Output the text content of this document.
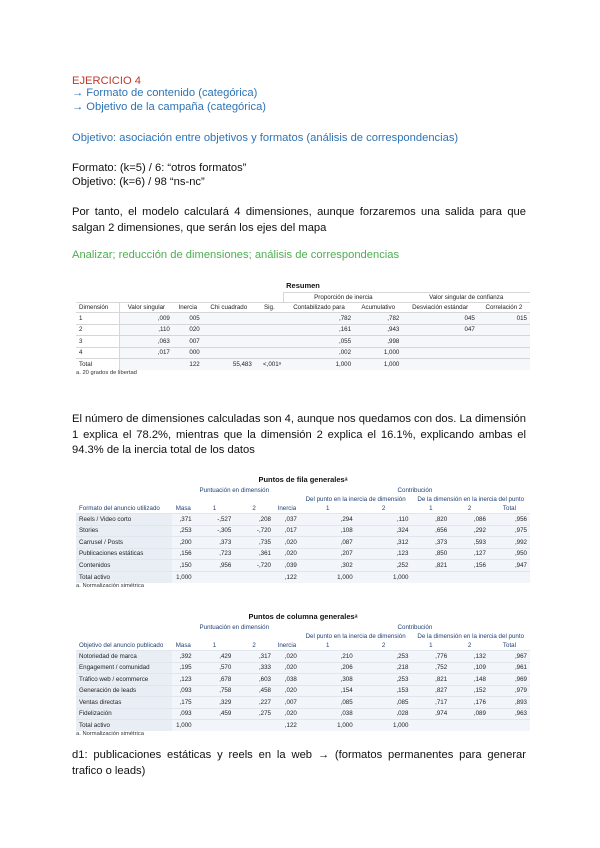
EJERCICIO 4
→ Formato de contenido (categórica)
→ Objetivo de la campaña (categórica)
Objetivo: asociación entre objetivos y formatos (análisis de correspondencias)
Formato: (k=5) / 6: “otros formatos”
Objetivo: (k=6) / 98 “ns-nc”
Por tanto, el modelo calculará 4 dimensiones, aunque forzaremos una salida para que salgan 2 dimensiones, que serán los ejes del mapa
Analizar; reducción de dimensiones; análisis de correspondencias
Resumen
					Proporción de inercia		Valor singular de confianza	
Dimensión	Valor singular	Inercia	Chi cuadrado	Sig.	Contabilizado para	Acumulativo	Desviación estándar	Correlación 2
1	,009	005			,782	,782	045	015
2	,110	020			,161	,943	047	
3	,063	007			,055	,998		
4	,017	000			,002	1,000		
Total		122	55,483	<,001ᵃ	1,000	1,000		
a. 20 grados de libertad
El número de dimensiones calculadas son 4, aunque nos quedamos con dos. La dimensión 1 explica el 78.2%, mientras que la dimensión 2 explica el 16.1%, explicando ambas el 94.3% de la inercia total de los datos
Puntos de fila generalesᵃ
		Puntuación en dimensión			Contribución				
					Del punto en la inercia de dimensión		De la dimensión en la inercia del punto		
Formato del anuncio utilizado	Masa	1	2	Inercia	1	2	1	2	Total
Reels / Video corto	,371	-,527	,208	,037	,294	,110	,820	,086	,956
Stories	,253	-,305	-,720	,017	,108	,324	,656	,292	,975
Carrusel / Posts	,200	,373	,735	,020	,087	,312	,373	,593	,992
Publicaciones estáticas	,156	,723	,361	,020	,207	,123	,850	,127	,950
Contenidos	,150	,956	-,720	,039	,302	,252	,821	,156	,947
Total activo	1,000			,122	1,000	1,000			
a. Normalización simétrica
Puntos de columna generalesᵃ
		Puntuación en dimensión			Contribución				
					Del punto en la inercia de dimensión		De la dimensión en la inercia del punto		
Objetivo del anuncio publicado	Masa	1	2	Inercia	1	2	1	2	Total
Notoriedad de marca	,392	,429	,317	,020	,210	,253	,776	,132	,967
Engagement / comunidad	,195	,570	,333	,020	,206	,218	,752	,109	,961
Tráfico web / ecommerce	,123	,678	,603	,038	,308	,253	,821	,148	,969
Generación de leads	,093	,758	,458	,020	,154	,153	,827	,152	,979
Ventas directas	,175	,329	,227	,007	,085	,085	,717	,176	,893
Fidelización	,093	,459	,275	,020	,038	,028	,974	,089	,963
Total activo	1,000			,122	1,000	1,000			
a. Normalización simétrica
d1: publicaciones estáticas y reels en la web → (formatos permanentes para generar trafico o leads)
